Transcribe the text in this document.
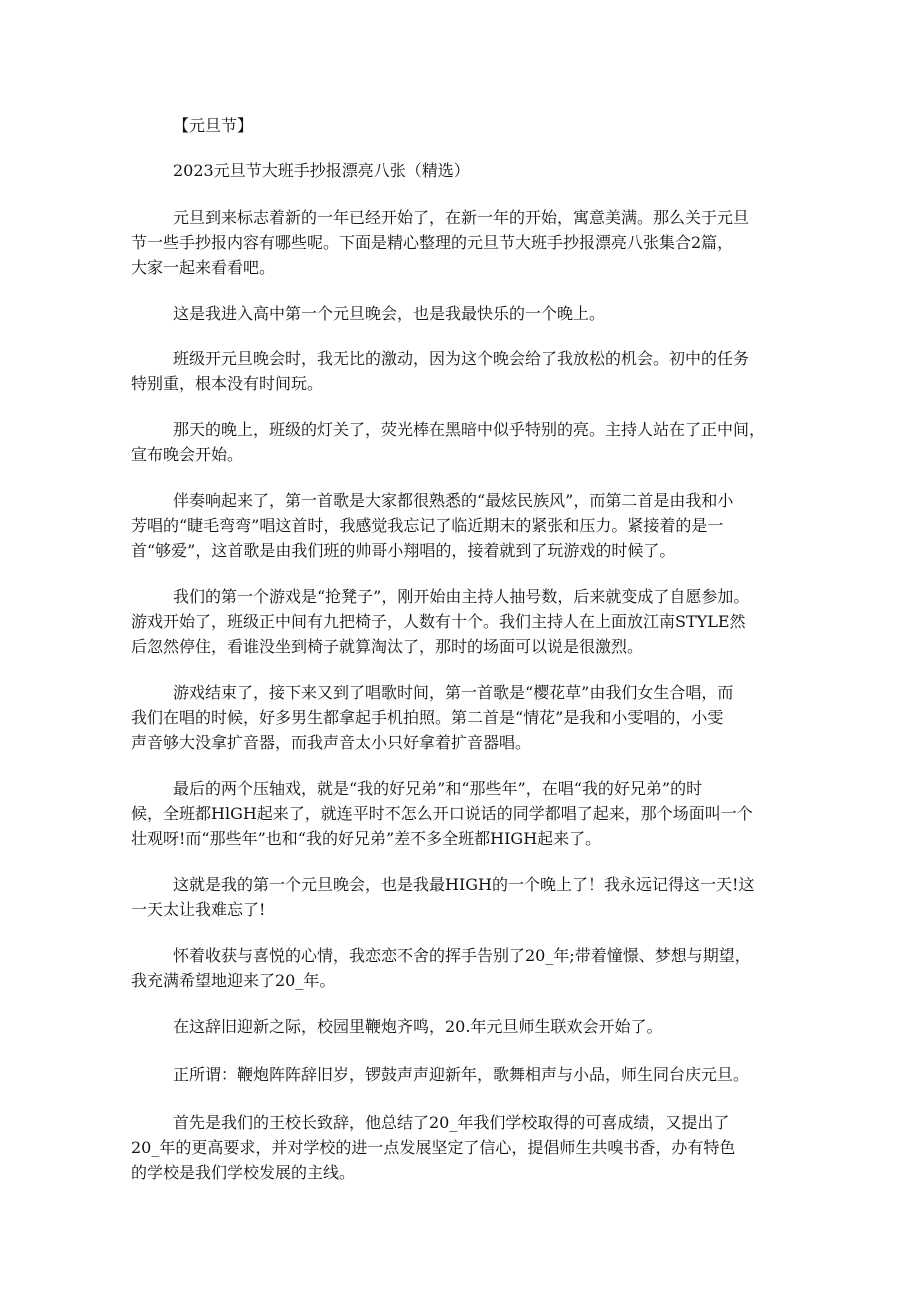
【元旦节】
2023元旦节大班手抄报漂亮八张（精选）
元旦到来标志着新的一年已经开始了，在新一年的开始，寓意美满。那么关于元旦
节一些手抄报内容有哪些呢。下面是精心整理的元旦节大班手抄报漂亮八张集合2篇，
大家一起来看看吧。
这是我进入高中第一个元旦晚会，也是我最快乐的一个晚上。
班级开元旦晚会时，我无比的激动，因为这个晚会给了我放松的机会。初中的任务
特别重，根本没有时间玩。
那天的晚上，班级的灯关了，荧光棒在黑暗中似乎特别的亮。主持人站在了正中间，
宣布晚会开始。
伴奏响起来了，第一首歌是大家都很熟悉的“最炫民族风”，而第二首是由我和小
芳唱的“睫毛弯弯”唱这首时，我感觉我忘记了临近期末的紧张和压力。紧接着的是一
首“够爱”，这首歌是由我们班的帅哥小翔唱的，接着就到了玩游戏的时候了。
我们的第一个游戏是“抢凳子”，刚开始由主持人抽号数，后来就变成了自愿参加。
游戏开始了，班级正中间有九把椅子，人数有十个。我们主持人在上面放江南STYLE然
后忽然停住，看谁没坐到椅子就算淘汰了，那时的场面可以说是很激烈。
游戏结束了，接下来又到了唱歌时间，第一首歌是“樱花草”由我们女生合唱，而
我们在唱的时候，好多男生都拿起手机拍照。第二首是“情花”是我和小雯唱的，小雯
声音够大没拿扩音器，而我声音太小只好拿着扩音器唱。
最后的两个压轴戏，就是“我的好兄弟”和“那些年”，在唱“我的好兄弟”的时
候，全班都HlGH起来了，就连平时不怎么开口说话的同学都唱了起来，那个场面叫一个
壮观呀!而“那些年”也和“我的好兄弟”差不多全班都HIGH起来了。
这就是我的第一个元旦晚会，也是我最HIGH的一个晚上了！我永远记得这一天!这
一天太让我难忘了!
怀着收获与喜悦的心情，我恋恋不舍的挥手告别了20_年;带着憧憬、梦想与期望，
我充满希望地迎来了20_年。
在这辞旧迎新之际，校园里鞭炮齐鸣，20.年元旦师生联欢会开始了。
正所谓：鞭炮阵阵辞旧岁，锣鼓声声迎新年，歌舞相声与小品，师生同台庆元旦。
首先是我们的王校长致辞，他总结了20_年我们学校取得的可喜成绩，又提出了
20_年的更高要求，并对学校的进一点发展坚定了信心，提倡师生共嗅书香，办有特色
的学校是我们学校发展的主线。
